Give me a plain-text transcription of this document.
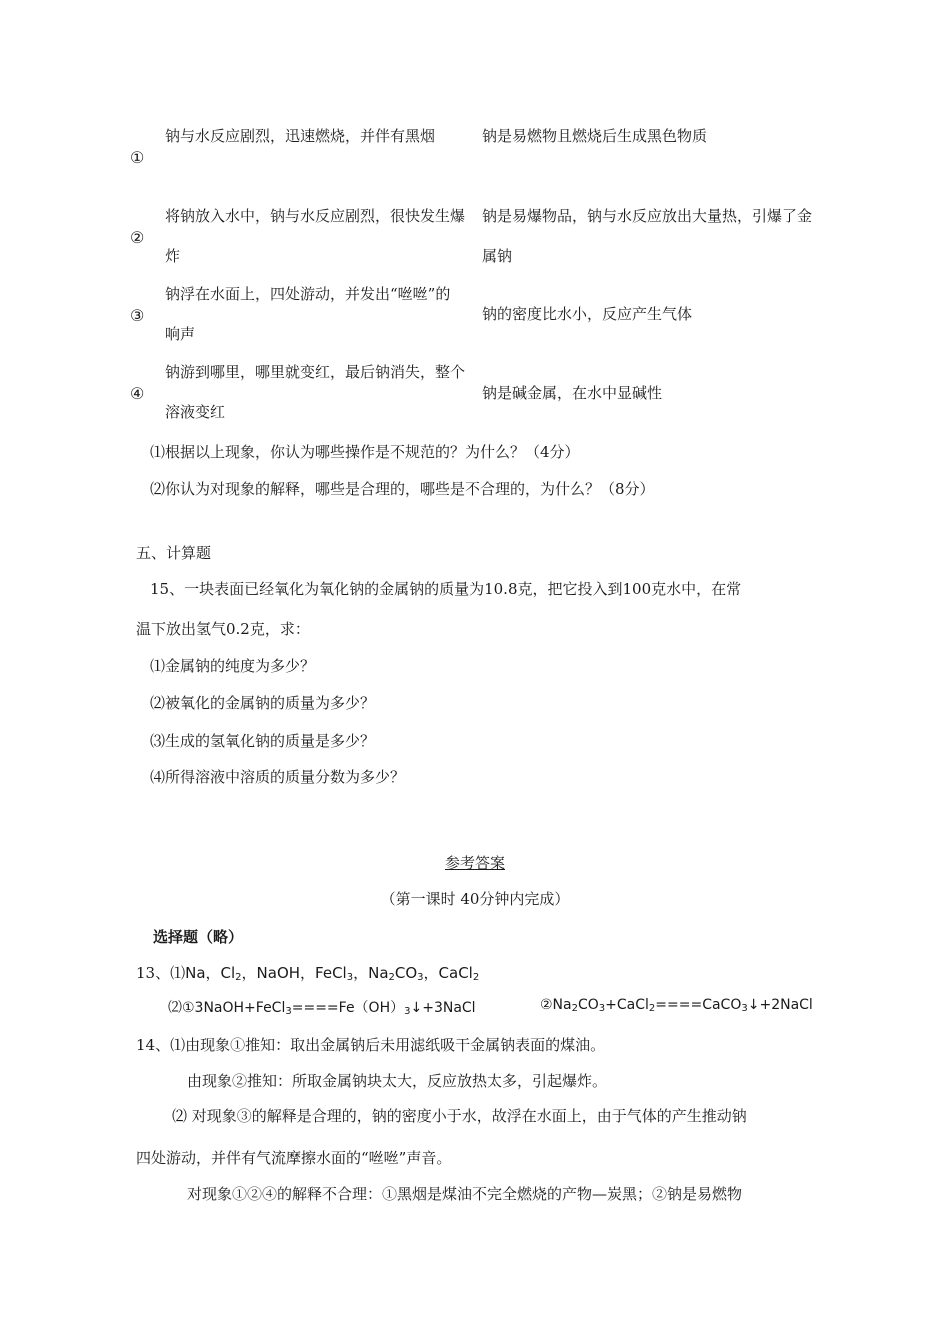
①
钠与水反应剧烈，迅速燃烧，并伴有黑烟	钠是易燃物且燃烧后生成黑色物质
②
将钠放入水中，钠与水反应剧烈，很快发生爆炸
钠是易爆物品，钠与水反应放出大量热，引爆了金属钠
③
钠浮在水面上，四处游动，并发出“咝咝”的响声
钠的密度比水小，反应产生气体
④
钠游到哪里，哪里就变红，最后钠消失，整个溶液变红
钠是碱金属，在水中显碱性
⑴根据以上现象，你认为哪些操作是不规范的？为什么？（4分）
⑵你认为对现象的解释，哪些是合理的，哪些是不合理的，为什么？（8分）
五、计算题
15、一块表面已经氧化为氧化钠的金属钠的质量为10.8克，把它投入到100克水中，在常
温下放出氢气0.2克，求：
⑴金属钠的纯度为多少？
⑵被氧化的金属钠的质量为多少？
⑶生成的氢氧化钠的质量是多少？
⑷所得溶液中溶质的质量分数为多少？
参考答案
（第一课时 40分钟内完成）
选择题（略）
13、⑴Na，$Cl_2$，NaOH，FeCl$_3$，$Na_2CO_3$，CaCl$_2$
$⑵①3NaOH+FeCl_3====Fe(OH)_3↓+3NaCl$	$②Na_2CO_3+CaCl_2====CaCO_3↓+2NaCl$
14、⑴由现象①推知：取出金属钠后未用滤纸吸干金属钠表面的煤油。
由现象②推知：所取金属钠块太大，反应放热太多，引起爆炸。
⑵ 对现象③的解释是合理的，钠的密度小于水，故浮在水面上，由于气体的产生推动钠
四处游动，并伴有气流摩擦水面的“咝咝”声音。
对现象①②④的解释不合理：①黑烟是煤油不完全燃烧的产物—炭黑；②钠是易燃物
